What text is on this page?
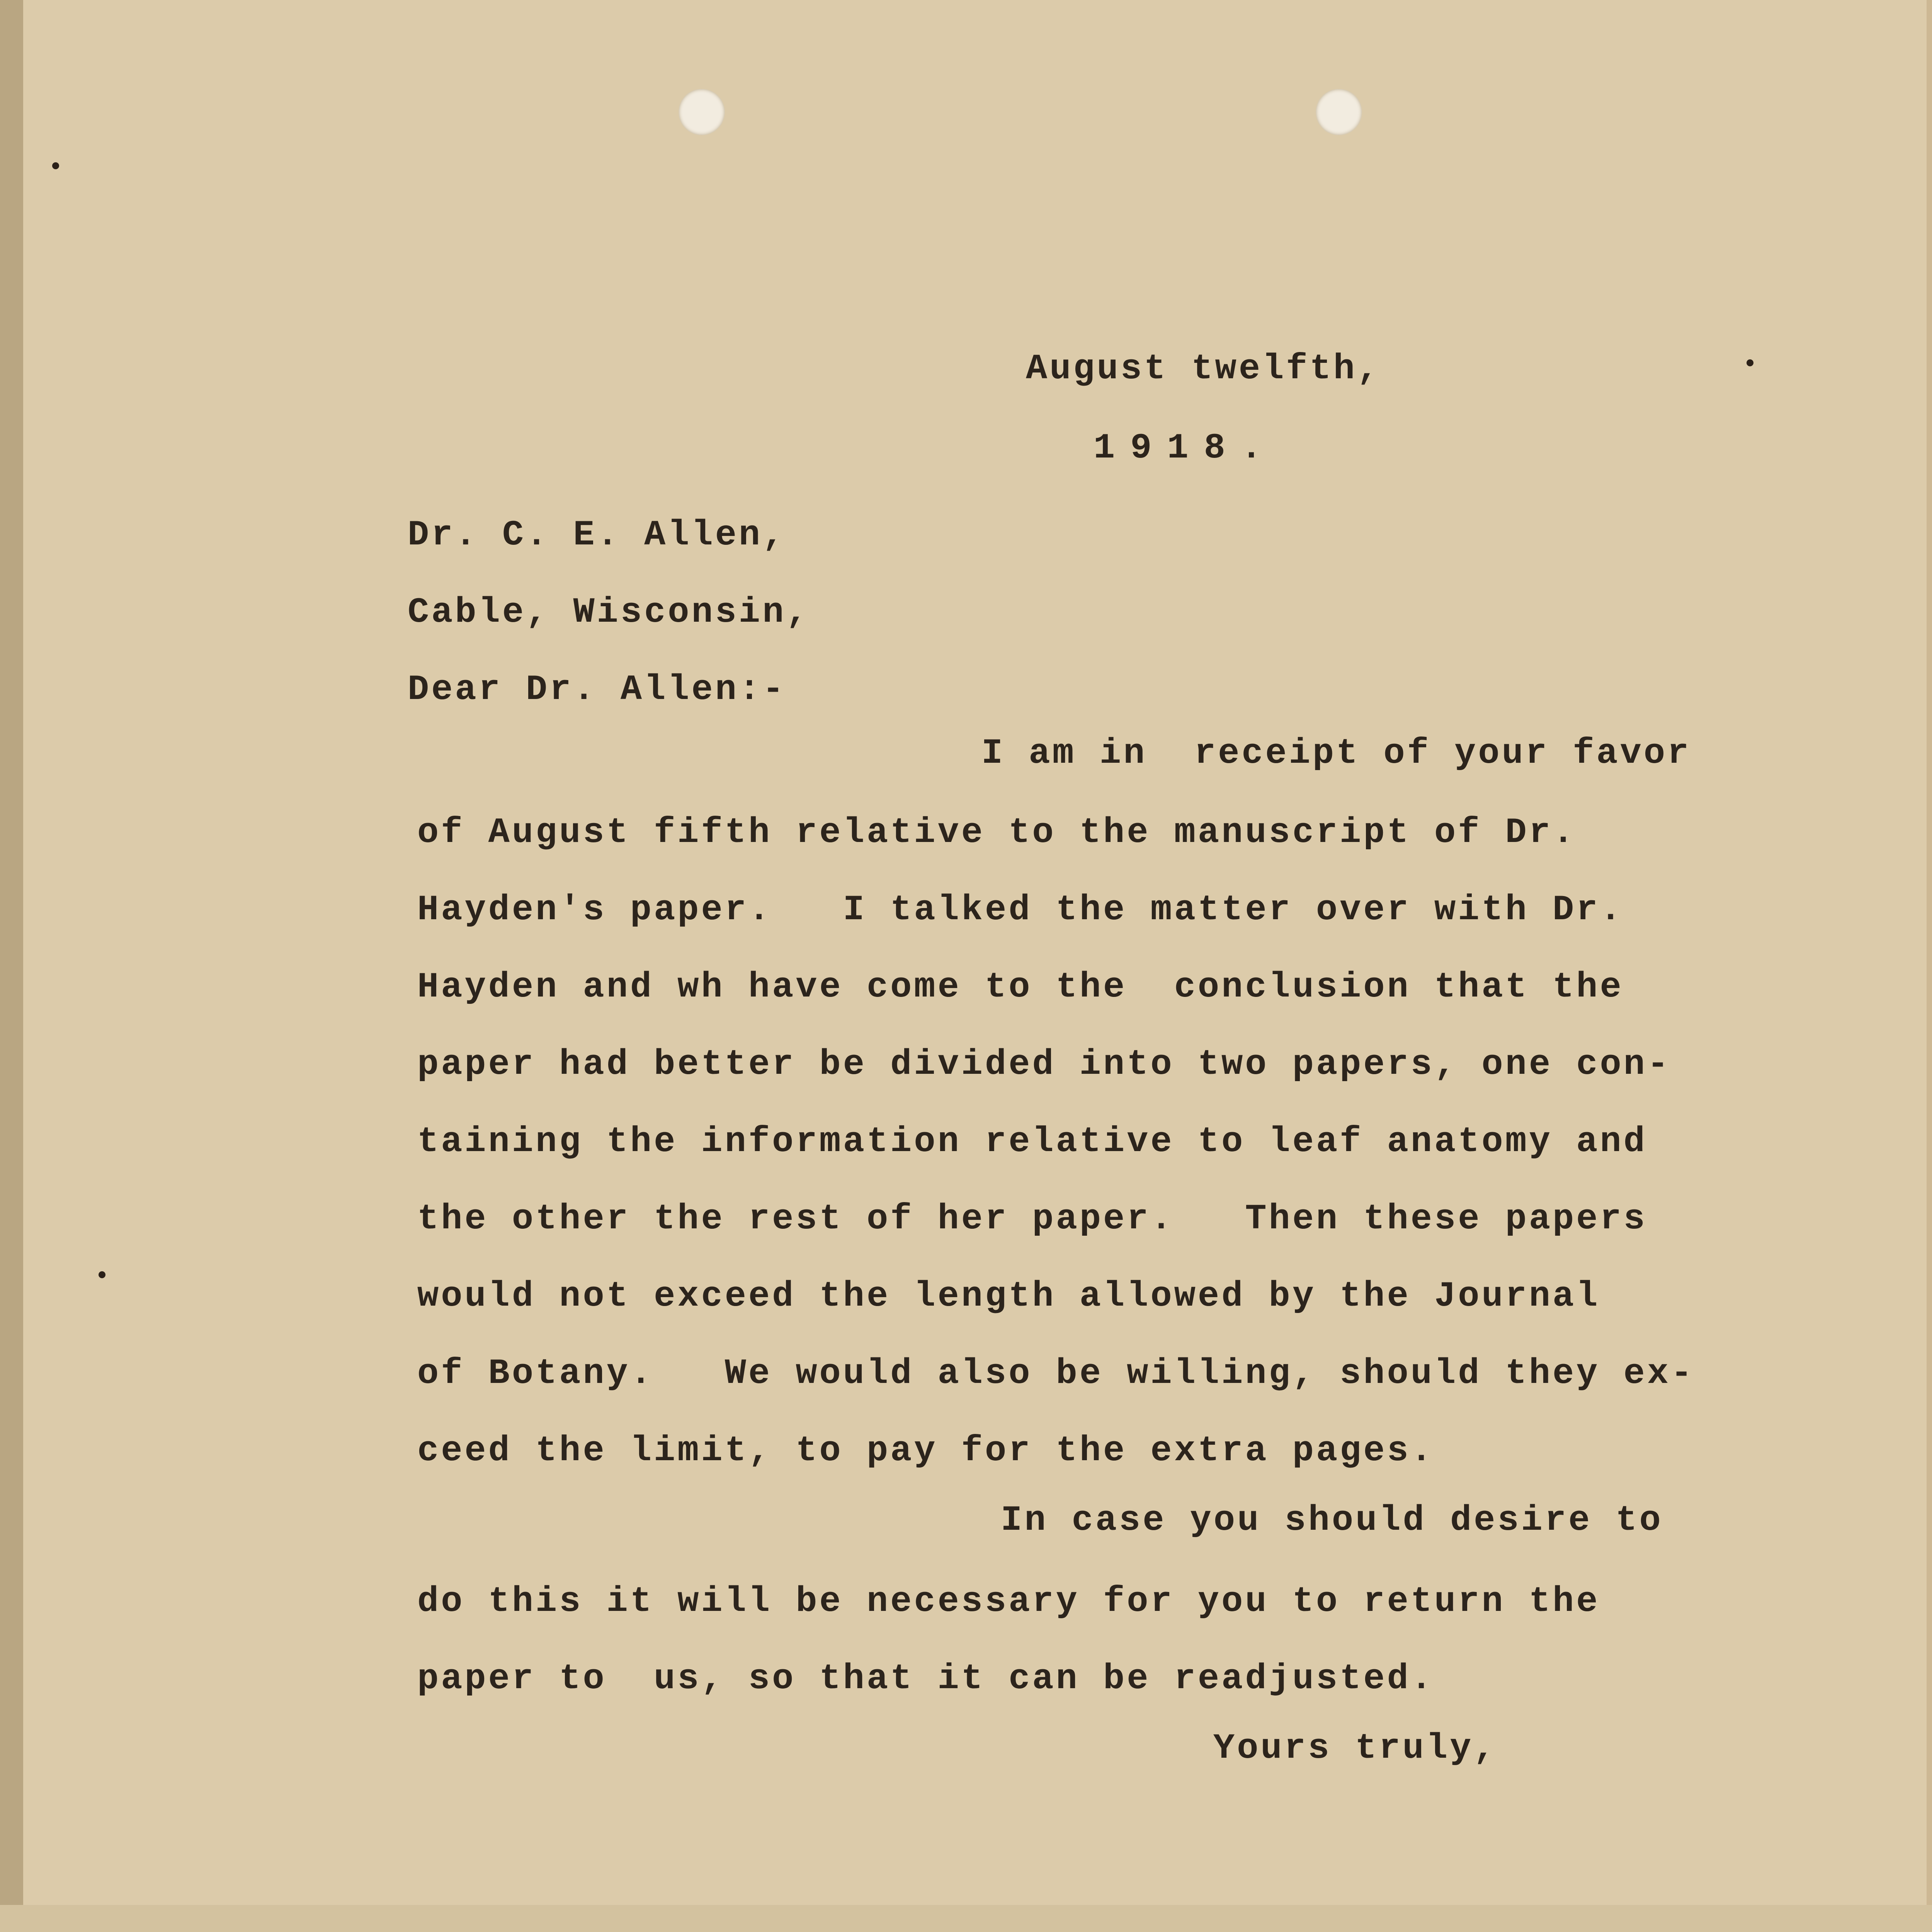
August twelfth,
1918.
Dr. C. E. Allen,
Cable, Wisconsin,
Dear Dr. Allen:-
I am in  receipt of your favor
of August fifth relative to the manuscript of Dr.
Hayden's paper.   I talked the matter over with Dr.
Hayden and wh have come to the  conclusion that the
paper had better be divided into two papers, one con-
taining the information relative to leaf anatomy and
the other the rest of her paper.   Then these papers
would not exceed the length allowed by the Journal
of Botany.   We would also be willing, should they ex-
ceed the limit, to pay for the extra pages.
In case you should desire to
do this it will be necessary for you to return the
paper to  us, so that it can be readjusted.
Yours truly,
